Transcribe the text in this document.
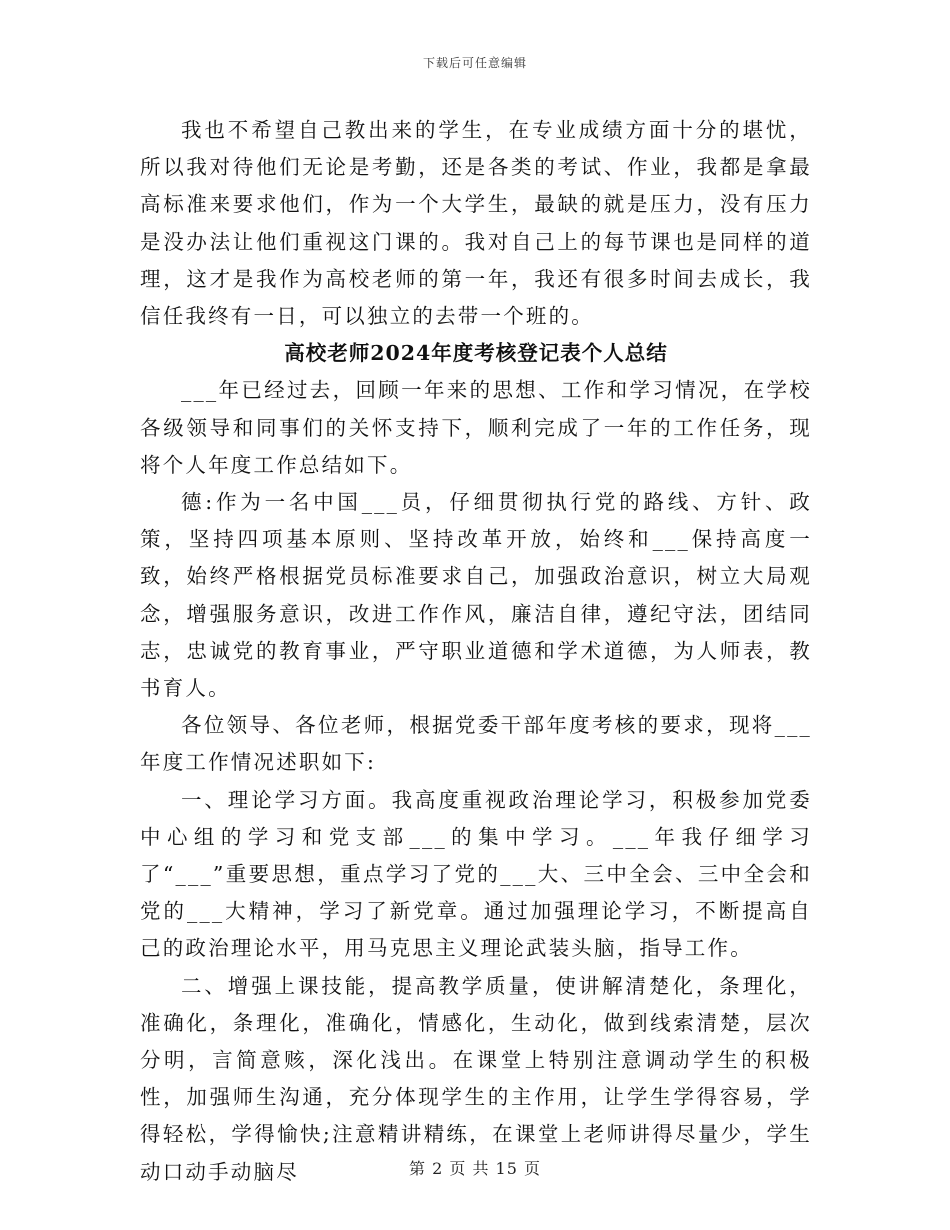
下载后可任意编辑

我也不希望自己教出来的学生，在专业成绩方面十分的堪忧，所以我对待他们无论是考勤，还是各类的考试、作业，我都是拿最高标准来要求他们，作为一个大学生，最缺的就是压力，没有压力是没办法让他们重视这门课的。我对自己上的每节课也是同样的道理，这才是我作为高校老师的第一年，我还有很多时间去成长，我信任我终有一日，可以独立的去带一个班的。

高校老师2024年度考核登记表个人总结

___年已经过去，回顾一年来的思想、工作和学习情况，在学校各级领导和同事们的关怀支持下，顺利完成了一年的工作任务，现将个人年度工作总结如下。

德:作为一名中国___员，仔细贯彻执行党的路线、方针、政策，坚持四项基本原则、坚持改革开放，始终和___保持高度一致，始终严格根据党员标准要求自己，加强政治意识，树立大局观念，增强服务意识，改进工作作风，廉洁自律，遵纪守法，团结同志，忠诚党的教育事业，严守职业道德和学术道德，为人师表，教书育人。

各位领导、各位老师，根据党委干部年度考核的要求，现将___年度工作情况述职如下:

一、理论学习方面。我高度重视政治理论学习，积极参加党委中心组的学习和党支部___的集中学习。___年我仔细学习了“___”重要思想，重点学习了党的___大、三中全会、三中全会和党的___大精神，学习了新党章。通过加强理论学习，不断提高自己的政治理论水平，用马克思主义理论武装头脑，指导工作。

二、增强上课技能，提高教学质量，使讲解清楚化，条理化，准确化，条理化，准确化，情感化，生动化，做到线索清楚，层次分明，言简意赅，深化浅出。在课堂上特别注意调动学生的积极性，加强师生沟通，充分体现学生的主作用，让学生学得容易，学得轻松，学得愉快;注意精讲精练，在课堂上老师讲得尽量少，学生动口动手动脑尽	第 2 页 共 15 页
